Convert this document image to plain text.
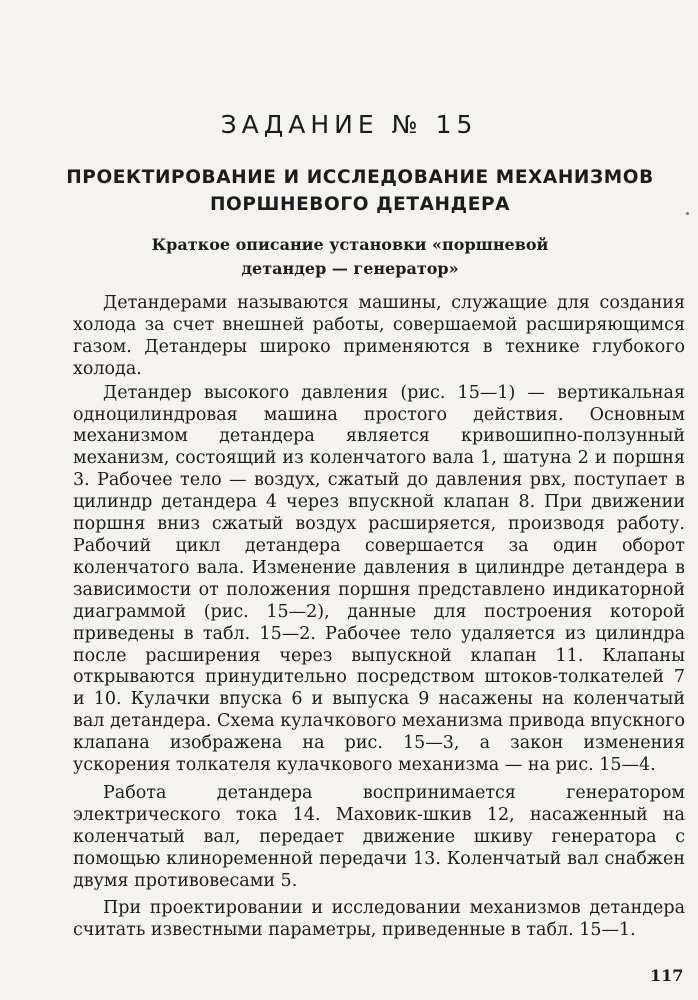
ЗАДАНИЕ № 15
ПРОЕКТИРОВАНИЕ И ИССЛЕДОВАНИЕ МЕХАНИЗМОВ
ПОРШНЕВОГО ДЕТАНДЕРА
Краткое описание установки «поршневой
детандер — генератор»

Детандерами называются машины, служащие для создания холода за счет внешней работы, совершаемой расширяющимся газом. Детандеры широко применяются в технике глубокого холода.

Детандер высокого давления (рис. 15—1) — вертикальная одноцилиндровая машина простого действия. Основным механизмом детандера является кривошипно-ползунный механизм, состоящий из коленчатого вала 1, шатуна 2 и поршня 3. Рабочее тело — воздух, сжатый до давления pвх, поступает в цилиндр детандера 4 через впускной клапан 8. При движении поршня вниз сжатый воздух расширяется, производя работу. Рабочий цикл детандера совершается за один оборот коленчатого вала. Изменение давления в цилиндре детандера в зависимости от положения поршня представлено индикаторной диаграммой (рис. 15—2), данные для построения которой приведены в табл. 15—2. Рабочее тело удаляется из цилиндра после расширения через выпускной клапан 11. Клапаны открываются принудительно посредством штоков-толкателей 7 и 10. Кулачки впуска 6 и выпуска 9 насажены на коленчатый вал детандера. Схема кулачкового механизма привода впускного клапана изображена на рис. 15—3, а закон изменения ускорения толкателя кулачкового механизма — на рис. 15—4.

Работа детандера воспринимается генератором электрического тока 14. Маховик-шкив 12, насаженный на коленчатый вал, передает движение шкиву генератора с помощью клиноременной передачи 13. Коленчатый вал снабжен двумя противовесами 5.

При проектировании и исследовании механизмов детандера считать известными параметры, приведенные в табл. 15—1.

117
